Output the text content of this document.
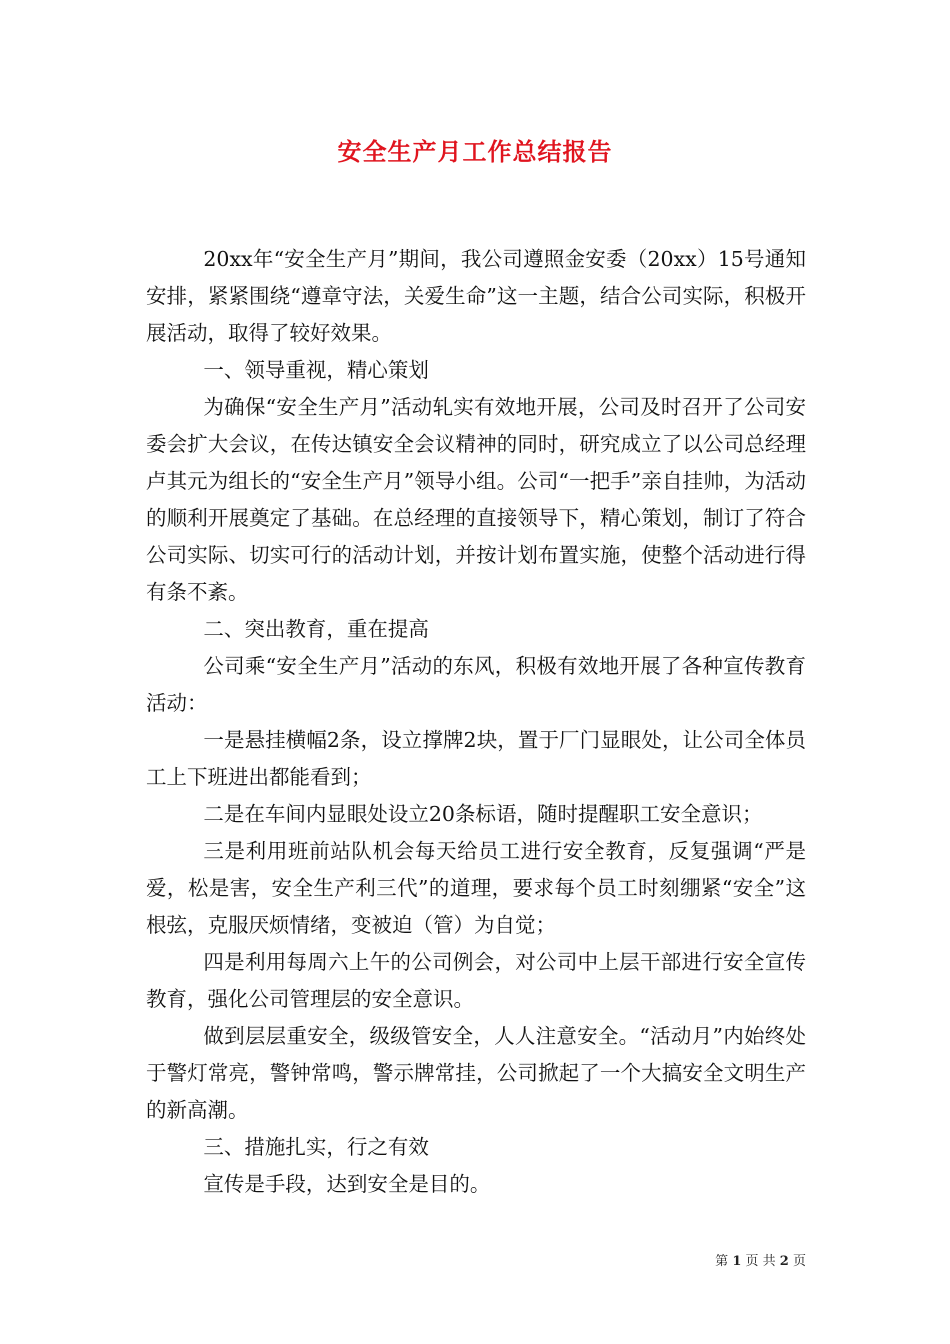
安全生产月工作总结报告

20xx年“安全生产月”期间，我公司遵照金安委（20xx）15号通知安排，紧紧围绕“遵章守法，关爱生命”这一主题，结合公司实际，积极开展活动，取得了较好效果。

一、领导重视，精心策划

为确保“安全生产月”活动轧实有效地开展，公司及时召开了公司安委会扩大会议，在传达镇安全会议精神的同时，研究成立了以公司总经理卢其元为组长的“安全生产月”领导小组。公司“一把手”亲自挂帅，为活动的顺利开展奠定了基础。在总经理的直接领导下，精心策划，制订了符合公司实际、切实可行的活动计划，并按计划布置实施，使整个活动进行得有条不紊。

二、突出教育，重在提高

公司乘“安全生产月”活动的东风，积极有效地开展了各种宣传教育活动：

一是悬挂横幅2条，设立撑牌2块，置于厂门显眼处，让公司全体员工上下班进出都能看到；

二是在车间内显眼处设立20条标语，随时提醒职工安全意识；

三是利用班前站队机会每天给员工进行安全教育，反复强调“严是爱，松是害，安全生产利三代”的道理，要求每个员工时刻绷紧“安全”这根弦，克服厌烦情绪，变被迫（管）为自觉；

四是利用每周六上午的公司例会，对公司中上层干部进行安全宣传教育，强化公司管理层的安全意识。

做到层层重安全，级级管安全，人人注意安全。“活动月”内始终处于警灯常亮，警钟常鸣，警示牌常挂，公司掀起了一个大搞安全文明生产的新高潮。

三、措施扎实，行之有效

宣传是手段，达到安全是目的。

第 1 页 共 2 页
